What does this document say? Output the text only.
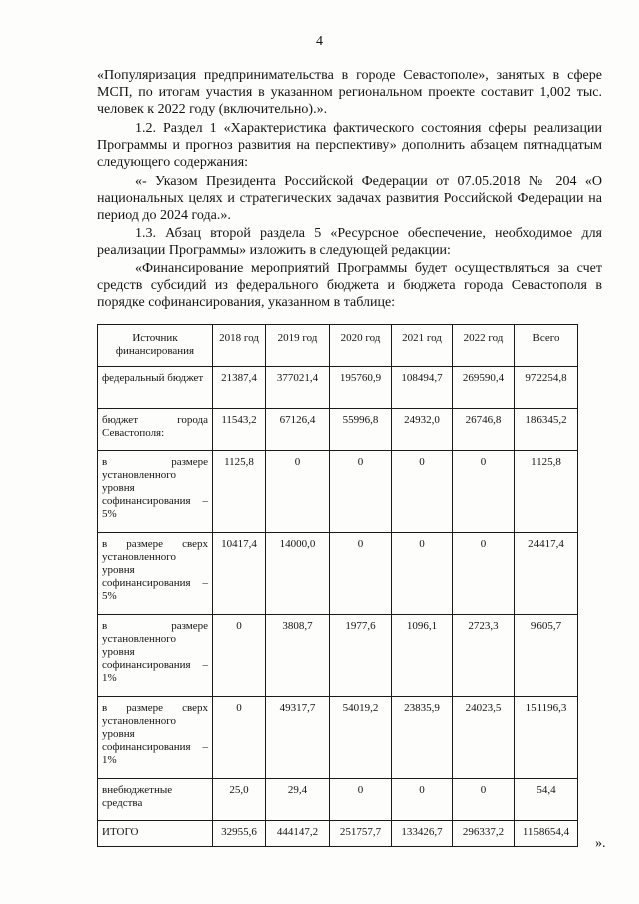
4

«Популяризация предпринимательства в городе Севастополе», занятых в сфере МСП, по итогам участия в указанном региональном проекте составит 1,002 тыс. человек к 2022 году (включительно).».

1.2. Раздел 1 «Характеристика фактического состояния сферы реализации Программы и прогноз развития на перспективу» дополнить абзацем пятнадцатым следующего содержания:

«- Указом Президента Российской Федерации от 07.05.2018 № 204 «О национальных целях и стратегических задачах развития Российской Федерации на период до 2024 года.».

1.3. Абзац второй раздела 5 «Ресурсное обеспечение, необходимое для реализации Программы» изложить в следующей редакции:

«Финансирование мероприятий Программы будет осуществляться за счет средств субсидий из федерального бюджета и бюджета города Севастополя в порядке софинансирования, указанном в таблице:

Источник финансирования	2018 год	2019 год	2020 год	2021 год	2022 год	Всего
федеральный бюджет	21387,4	377021,4	195760,9	108494,7	269590,4	972254,8
бюджет города Севастополя:	11543,2	67126,4	55996,8	24932,0	26746,8	186345,2
в размере установленного уровня софинансирования – 5%	1125,8	0	0	0	0	1125,8
в размере сверх установленного уровня софинансирования – 5%	10417,4	14000,0	0	0	0	24417,4
в размере установленного уровня софинансирования – 1%	0	3808,7	1977,6	1096,1	2723,3	9605,7
в размере сверх установленного уровня софинансирования – 1%	0	49317,7	54019,2	23835,9	24023,5	151196,3
внебюджетные средства	25,0	29,4	0	0	0	54,4
ИТОГО	32955,6	444147,2	251757,7	133426,7	296337,2	1158654,4
».
